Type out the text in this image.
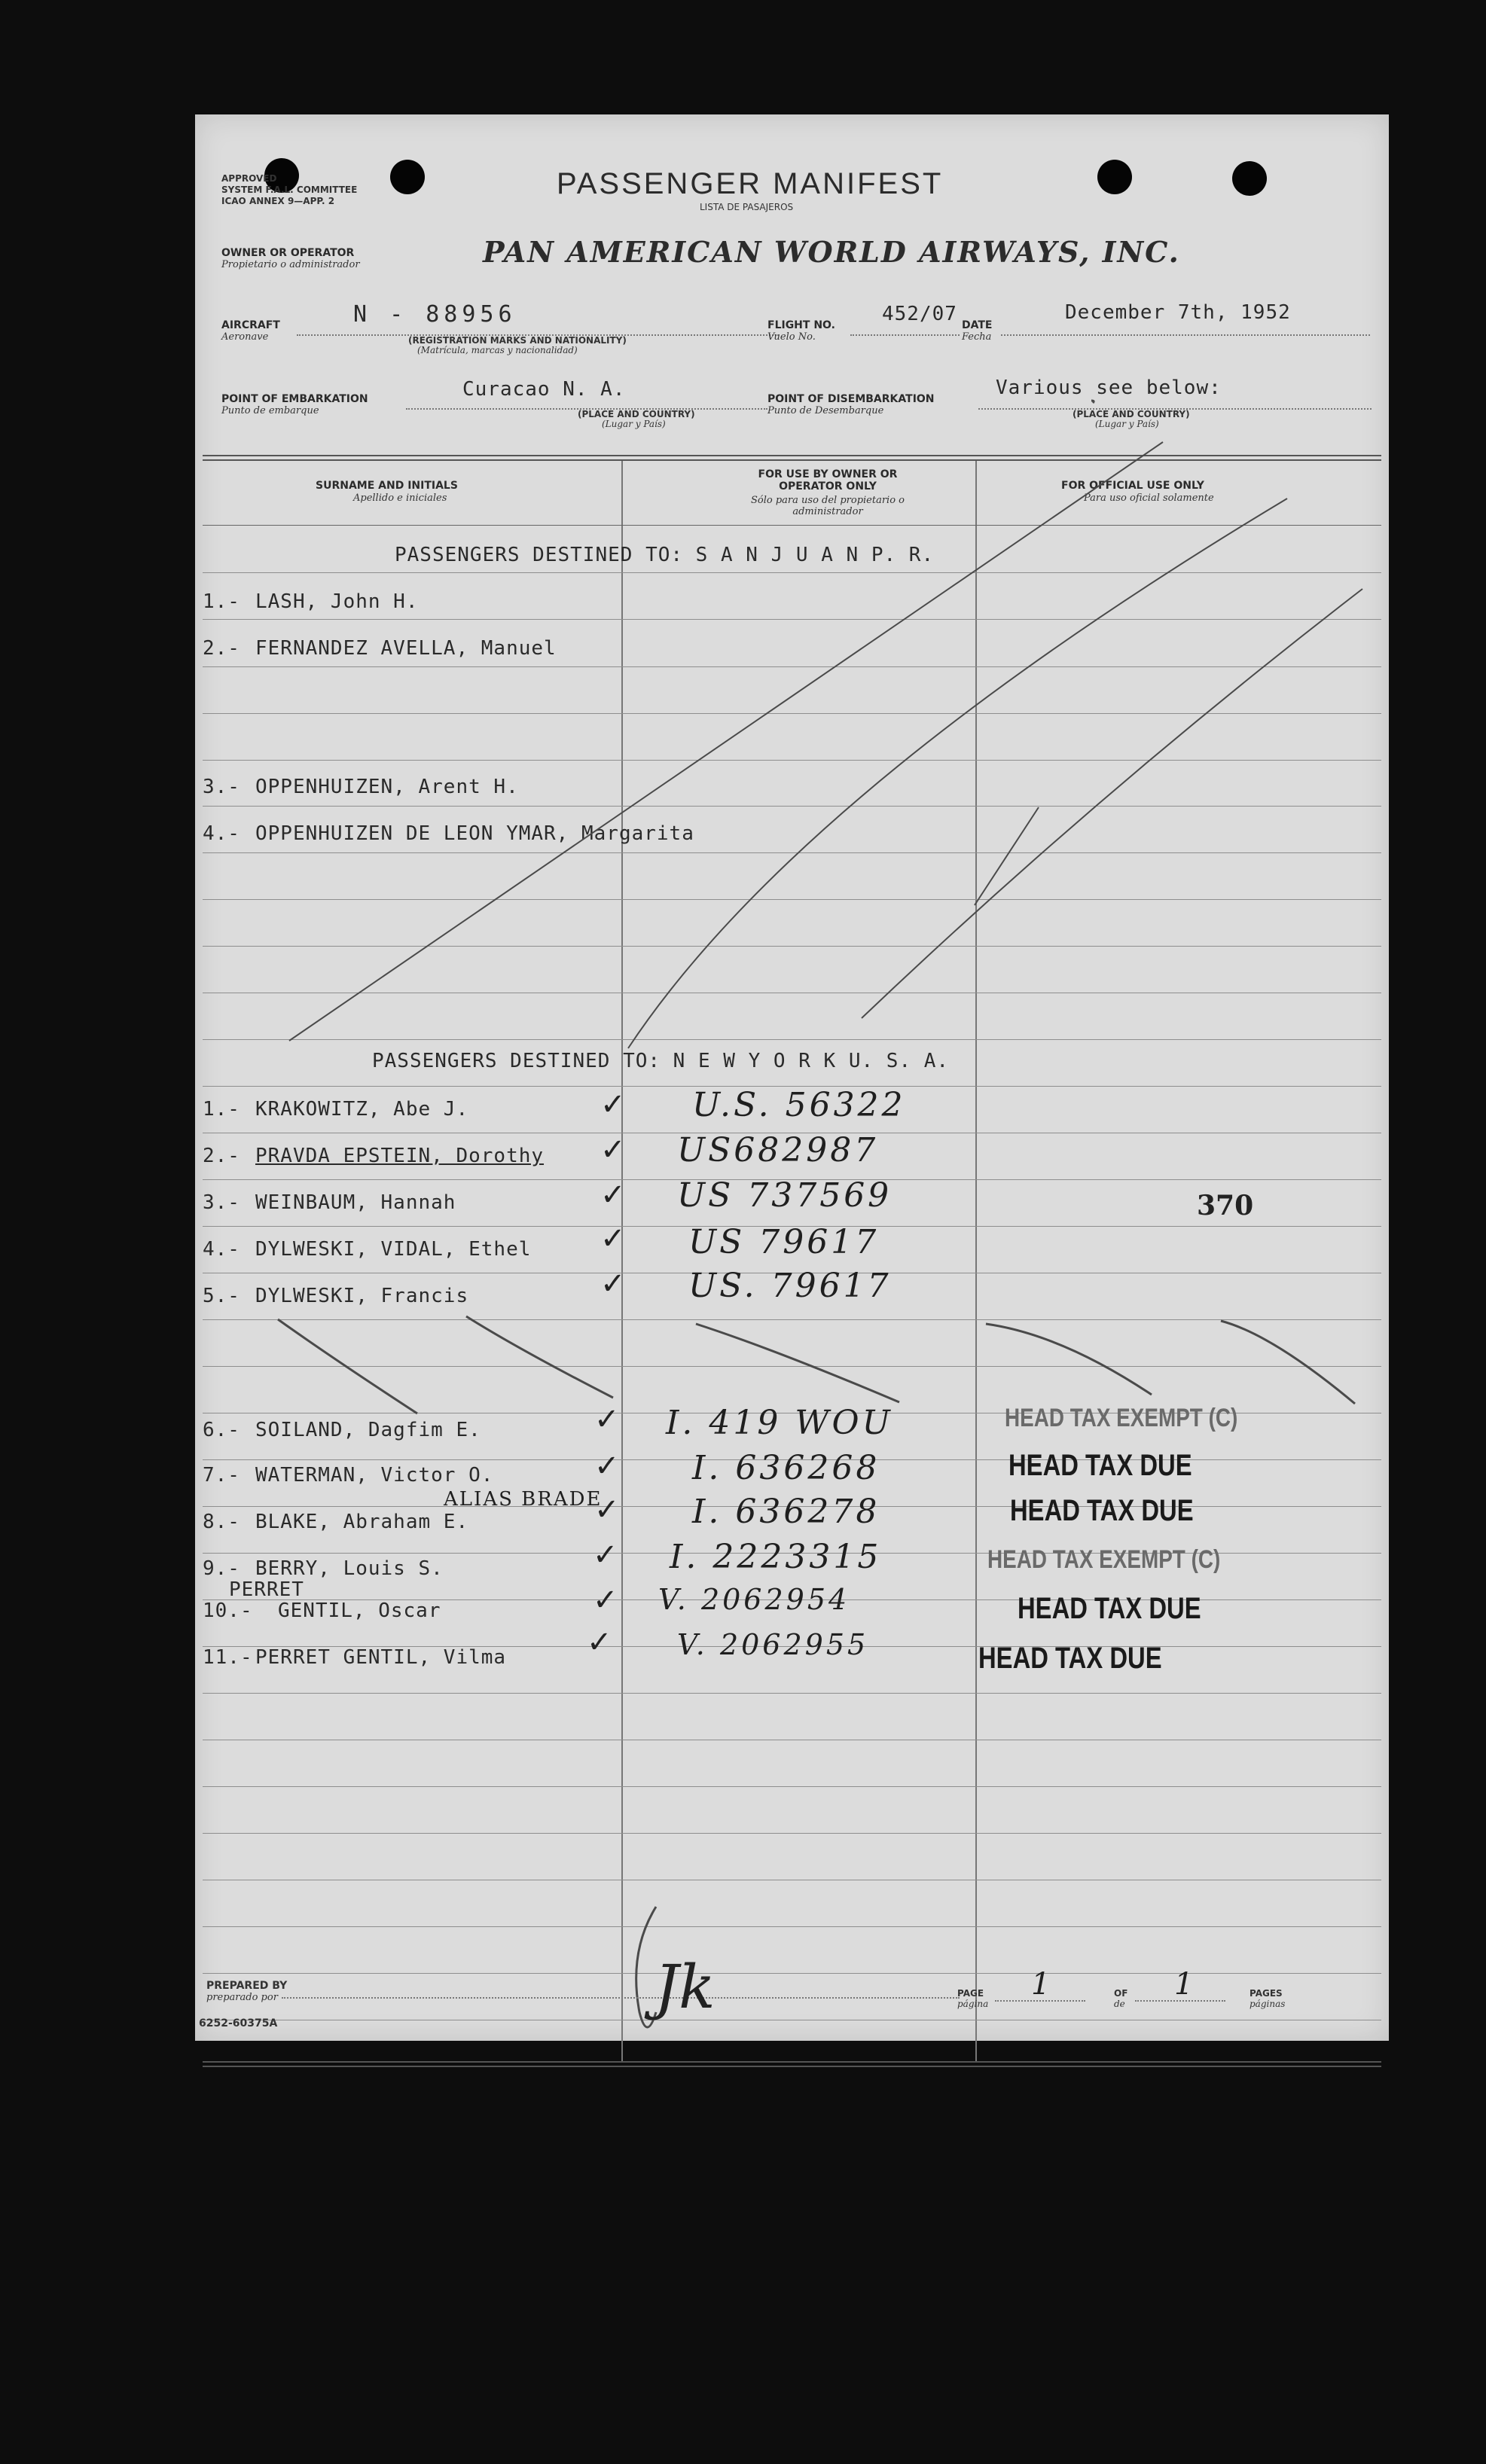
APPROVED
SYSTEM F.A.L. COMMITTEE
ICAO ANNEX 9—APP. 2
PASSENGER MANIFEST
LISTA DE PASAJEROS
OWNER OR OPERATOR
Propietario o administrador	PAN AMERICAN WORLD AIRWAYS, INC.
AIRCRAFT
Aeronave
N - 88956
(REGISTRATION MARKS AND NATIONALITY)
(Matrícula, marcas y nacionalidad)
FLIGHT NO.
Vuelo No.
452/07 DATE
Fecha
December 7th, 1952
POINT OF EMBARKATION
Punto de embarque
Curacao N. A.
(PLACE AND COUNTRY)
(Lugar y País)
POINT OF DISEMBARKATION
Punto de Desembarque
Various see below:
(PLACE AND COUNTRY)
(Lugar y País)
SURNAME AND INITIALS
Apellido e iniciales
FOR USE BY OWNER OR OPERATOR ONLY
Sólo para uso del propietario o administrador
FOR OFFICIAL USE ONLY
Para uso oficial solamente
PASSENGERS DESTINED TO: S A N J U A N P. R.
1.- LASH, John H.
2.- FERNANDEZ AVELLA, Manuel
3.- OPPENHUIZEN, Arent H.
4.- OPPENHUIZEN DE LEON YMAR, Margarita
PASSENGERS DESTINED TO: N E W Y O R K U. S. A.
1.- KRAKOWITZ, Abe J.	✓ U.S. 56322
2.- PRAVDA EPSTEIN, Dorothy ✓ US682987
3.- WEINBAUM, Hannah	✓ US 737569
4.- DYLWESKI, VIDAL, Ethel ✓ US 79617
5.- DYLWESKI, Francis	✓ US. 79617
6.- SOILAND, Dagfim E.	✓ I. 419 WOU	HEAD TAX EXEMPT (C)
7.- WATERMAN, Victor O.	✓ I. 636268	HEAD TAX DUE
ALIAS BRADE
8.- BLAKE, Abraham E.	✓ I. 636278	HEAD TAX DUE
9.- BERRY, Louis S.	✓ I. 2223315	HEAD TAX EXEMPT (C)
PERRET
10.- GENTIL, Oscar	✓ V. 2062954	HEAD TAX DUE
11.- PERRET GENTIL, Vilma	✓ V. 2062955	HEAD TAX DUE
370
PREPARED BY
preparado por	Jk	PAGE
página
1	OF
de
1	PAGES
páginas
6252-60375A
